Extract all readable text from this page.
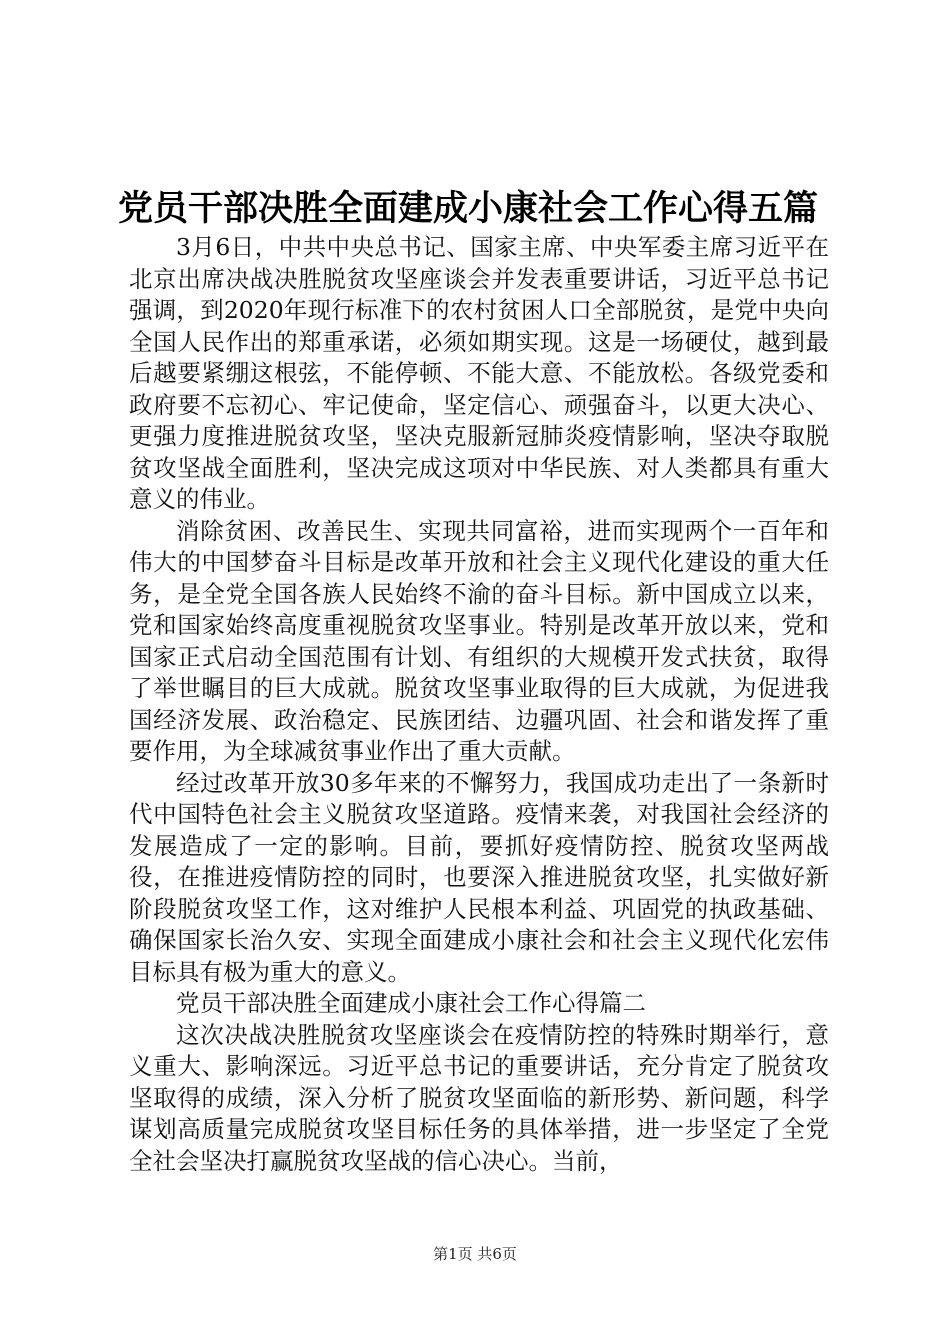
党员干部决胜全面建成小康社会工作心得五篇

3月6日，中共中央总书记、国家主席、中央军委主席习近平在北京出席决战决胜脱贫攻坚座谈会并发表重要讲话，习近平总书记强调，到2020年现行标准下的农村贫困人口全部脱贫，是党中央向全国人民作出的郑重承诺，必须如期实现。这是一场硬仗，越到最后越要紧绷这根弦，不能停顿、不能大意、不能放松。各级党委和政府要不忘初心、牢记使命，坚定信心、顽强奋斗，以更大决心、更强力度推进脱贫攻坚，坚决克服新冠肺炎疫情影响，坚决夺取脱贫攻坚战全面胜利，坚决完成这项对中华民族、对人类都具有重大意义的伟业。

消除贫困、改善民生、实现共同富裕，进而实现两个一百年和伟大的中国梦奋斗目标是改革开放和社会主义现代化建设的重大任务，是全党全国各族人民始终不渝的奋斗目标。新中国成立以来，党和国家始终高度重视脱贫攻坚事业。特别是改革开放以来，党和国家正式启动全国范围有计划、有组织的大规模开发式扶贫，取得了举世瞩目的巨大成就。脱贫攻坚事业取得的巨大成就，为促进我国经济发展、政治稳定、民族团结、边疆巩固、社会和谐发挥了重要作用，为全球减贫事业作出了重大贡献。

经过改革开放30多年来的不懈努力，我国成功走出了一条新时代中国特色社会主义脱贫攻坚道路。疫情来袭，对我国社会经济的发展造成了一定的影响。目前，要抓好疫情防控、脱贫攻坚两战役，在推进疫情防控的同时，也要深入推进脱贫攻坚，扎实做好新阶段脱贫攻坚工作，这对维护人民根本利益、巩固党的执政基础、确保国家长治久安、实现全面建成小康社会和社会主义现代化宏伟目标具有极为重大的意义。

党员干部决胜全面建成小康社会工作心得篇二

这次决战决胜脱贫攻坚座谈会在疫情防控的特殊时期举行，意义重大、影响深远。习近平总书记的重要讲话，充分肯定了脱贫攻坚取得的成绩，深入分析了脱贫攻坚面临的新形势、新问题，科学谋划高质量完成脱贫攻坚目标任务的具体举措，进一步坚定了全党全社会坚决打赢脱贫攻坚战的信心决心。当前，

第1页 共6页
